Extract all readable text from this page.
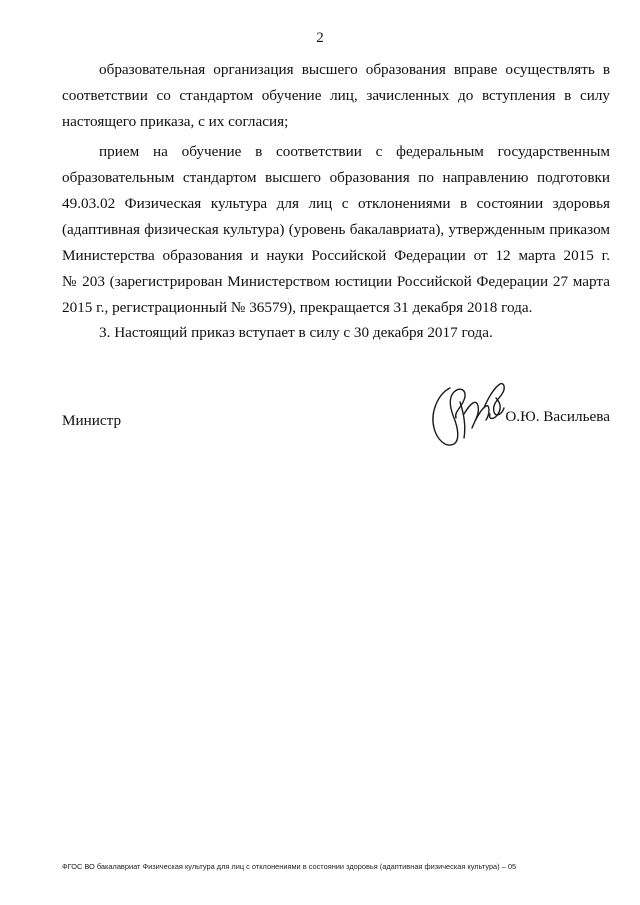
2
образовательная организация высшего образования вправе осуществлять в
соответствии со стандартом обучение лиц, зачисленных до вступления в силу
настоящего приказа, с их согласия;
прием на обучение в соответствии с федеральным государственным
образовательным стандартом высшего образования по направлению подготовки
49.03.02 Физическая культура для лиц с отклонениями в состоянии здоровья
(адаптивная физическая культура) (уровень бакалавриата), утвержденным приказом
Министерства образования и науки Российской Федерации от 12 марта 2015 г.
№ 203 (зарегистрирован Министерством юстиции Российской Федерации 27 марта
2015 г., регистрационный № 36579), прекращается 31 декабря 2018 года.
3. Настоящий приказ вступает в силу с 30 декабря 2017 года.
Министр	О.Ю. Васильева
ФГОС ВО бакалавриат Физическая культура для лиц с отклонениями в состоянии здоровья (адаптивная физическая культура) – 05
